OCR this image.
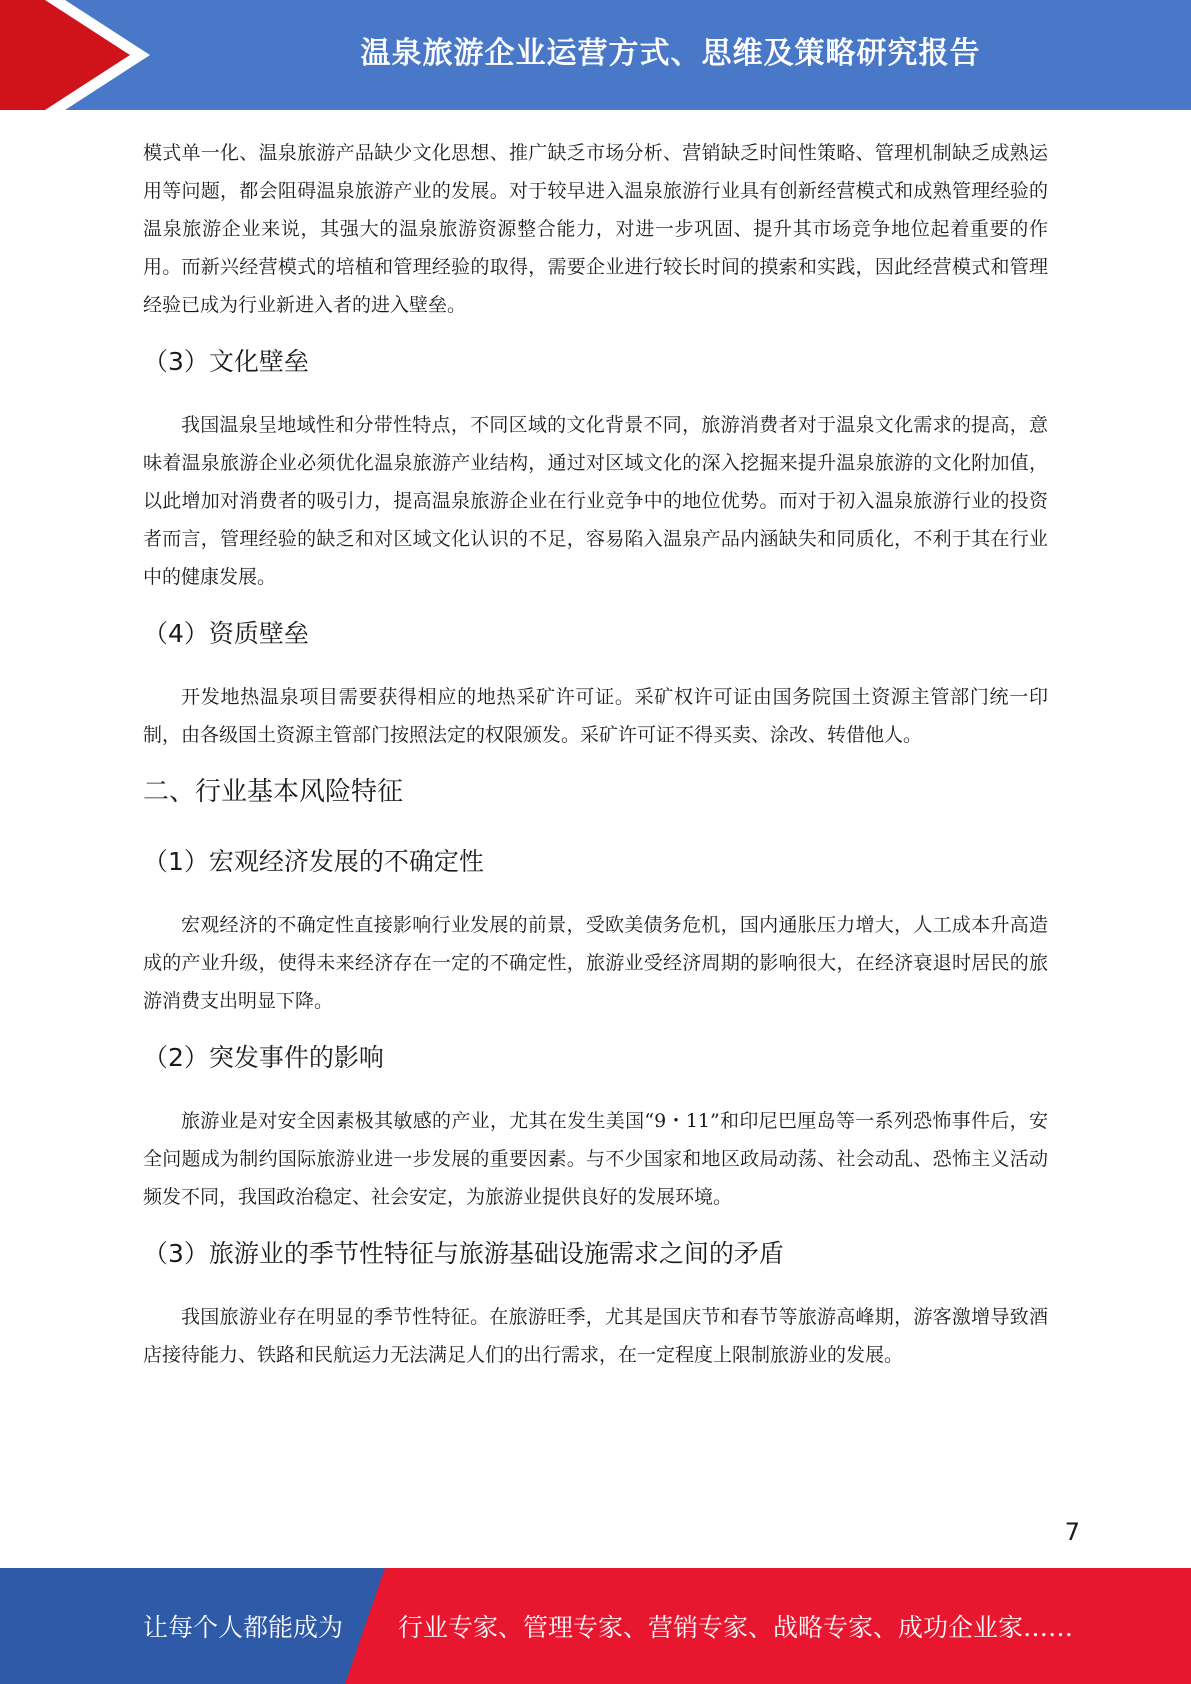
温泉旅游企业运营方式、思维及策略研究报告

模式单一化、温泉旅游产品缺少文化思想、推广缺乏市场分析、营销缺乏时间性策略、管理机制缺乏成熟运用等问题，都会阻碍温泉旅游产业的发展。对于较早进入温泉旅游行业具有创新经营模式和成熟管理经验的温泉旅游企业来说，其强大的温泉旅游资源整合能力，对进一步巩固、提升其市场竞争地位起着重要的作用。而新兴经营模式的培植和管理经验的取得，需要企业进行较长时间的摸索和实践，因此经营模式和管理经验已成为行业新进入者的进入壁垒。

（3）文化壁垒

我国温泉呈地域性和分带性特点，不同区域的文化背景不同，旅游消费者对于温泉文化需求的提高，意味着温泉旅游企业必须优化温泉旅游产业结构，通过对区域文化的深入挖掘来提升温泉旅游的文化附加值，以此增加对消费者的吸引力，提高温泉旅游企业在行业竞争中的地位优势。而对于初入温泉旅游行业的投资者而言，管理经验的缺乏和对区域文化认识的不足，容易陷入温泉产品内涵缺失和同质化，不利于其在行业中的健康发展。

（4）资质壁垒

开发地热温泉项目需要获得相应的地热采矿许可证。采矿权许可证由国务院国土资源主管部门统一印制，由各级国土资源主管部门按照法定的权限颁发。采矿许可证不得买卖、涂改、转借他人。

二、行业基本风险特征
（1）宏观经济发展的不确定性

宏观经济的不确定性直接影响行业发展的前景，受欧美债务危机，国内通胀压力增大，人工成本升高造成的产业升级，使得未来经济存在一定的不确定性，旅游业受经济周期的影响很大，在经济衰退时居民的旅游消费支出明显下降。

（2）突发事件的影响

旅游业是对安全因素极其敏感的产业，尤其在发生美国“9・11”和印尼巴厘岛等一系列恐怖事件后，安全问题成为制约国际旅游业进一步发展的重要因素。与不少国家和地区政局动荡、社会动乱、恐怖主义活动频发不同，我国政治稳定、社会安定，为旅游业提供良好的发展环境。

（3）旅游业的季节性特征与旅游基础设施需求之间的矛盾

我国旅游业存在明显的季节性特征。在旅游旺季，尤其是国庆节和春节等旅游高峰期，游客激增导致酒店接待能力、铁路和民航运力无法满足人们的出行需求，在一定程度上限制旅游业的发展。

7
让每个人都能成为 行业专家、管理专家、营销专家、战略专家、成功企业家……
